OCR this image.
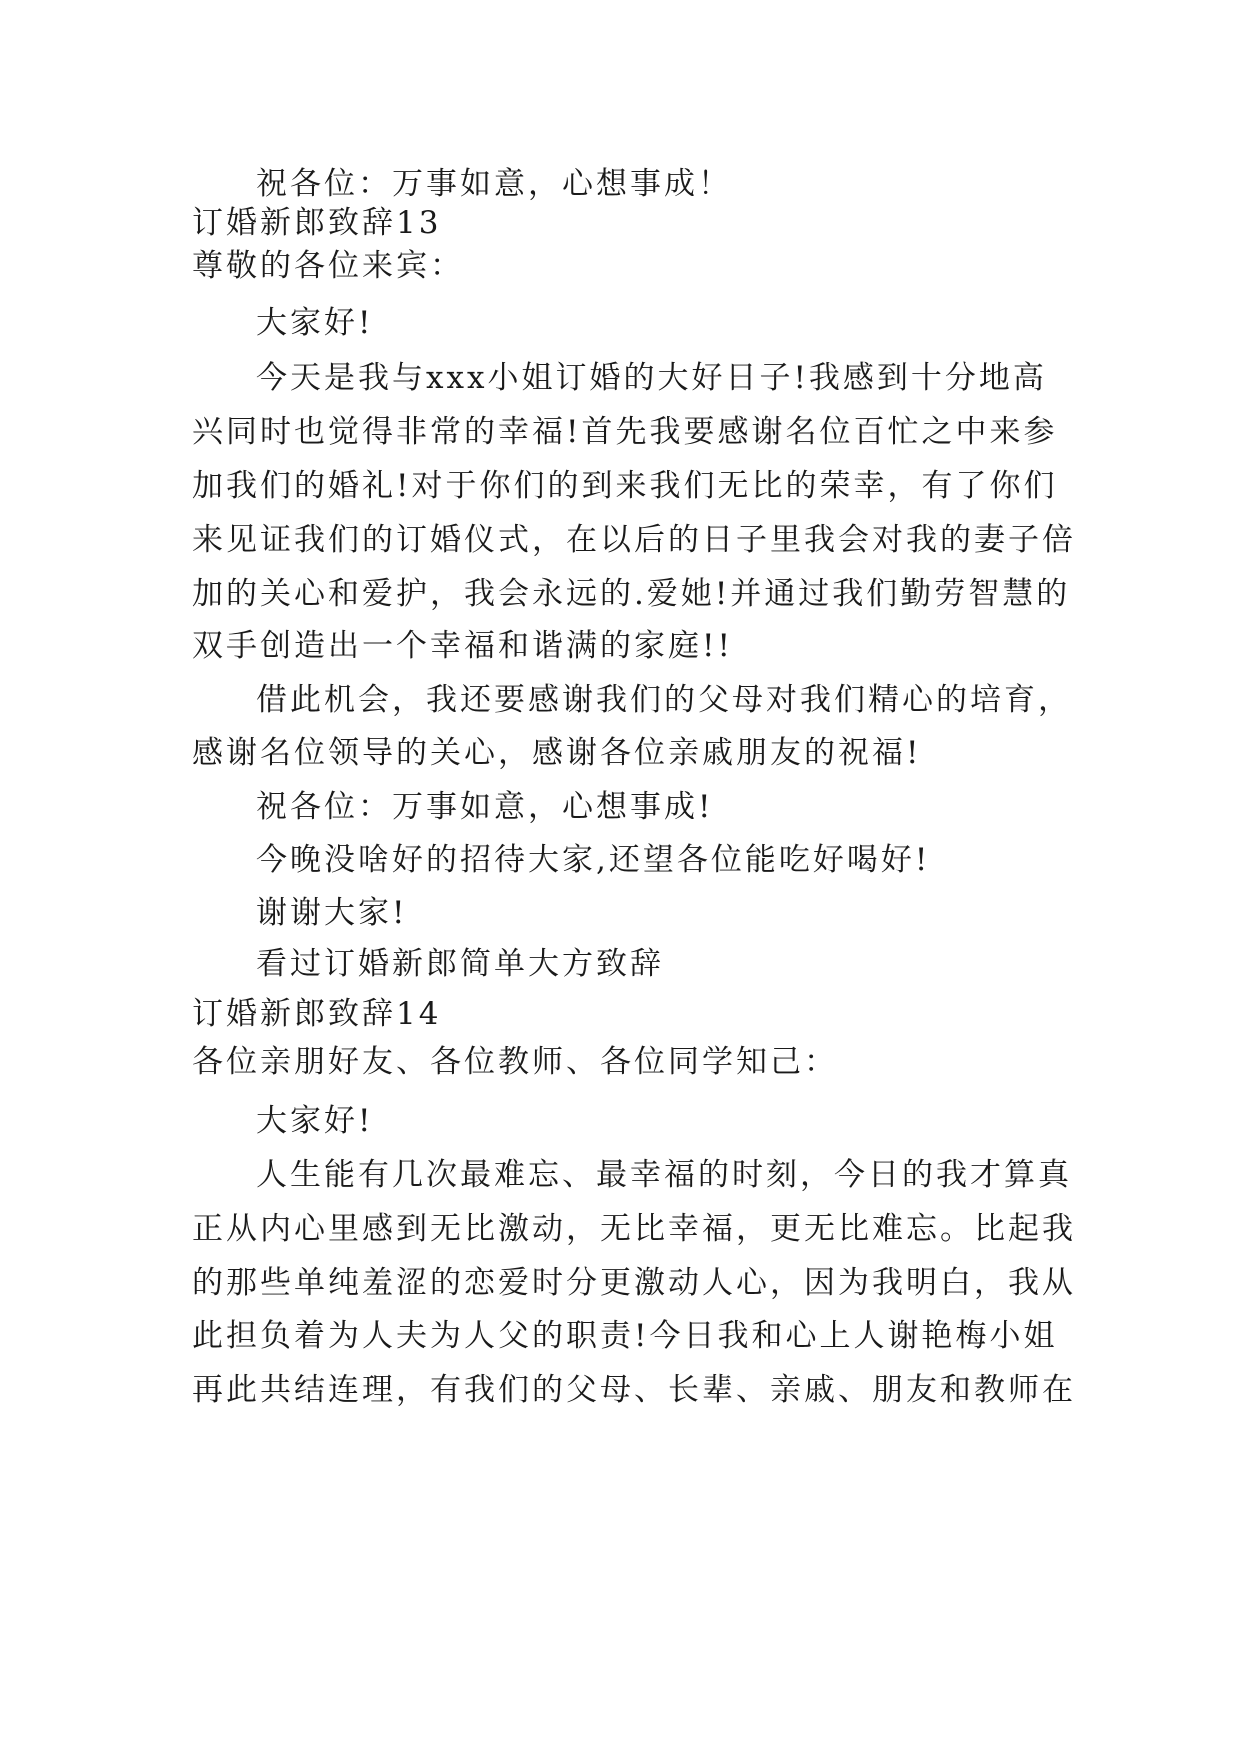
祝各位：万事如意，心想事成！
订婚新郎致辞13
尊敬的各位来宾：
大家好!
今天是我与xxx小姐订婚的大好日子!我感到十分地高
兴同时也觉得非常的幸福!首先我要感谢名位百忙之中来参
加我们的婚礼!对于你们的到来我们无比的荣幸，有了你们
来见证我们的订婚仪式，在以后的日子里我会对我的妻子倍
加的关心和爱护，我会永远的.爱她!并通过我们勤劳智慧的
双手创造出一个幸福和谐满的家庭!!
借此机会，我还要感谢我们的父母对我们精心的培育，
感谢名位领导的关心，感谢各位亲戚朋友的祝福!
祝各位：万事如意，心想事成!
今晚没啥好的招待大家,还望各位能吃好喝好!
谢谢大家!
看过订婚新郎简单大方致辞
订婚新郎致辞14
各位亲朋好友、各位教师、各位同学知己：
大家好!
人生能有几次最难忘、最幸福的时刻，今日的我才算真
正从内心里感到无比激动，无比幸福，更无比难忘。比起我
的那些单纯羞涩的恋爱时分更激动人心，因为我明白，我从
此担负着为人夫为人父的职责!今日我和心上人谢艳梅小姐
再此共结连理，有我们的父母、长辈、亲戚、朋友和教师在
